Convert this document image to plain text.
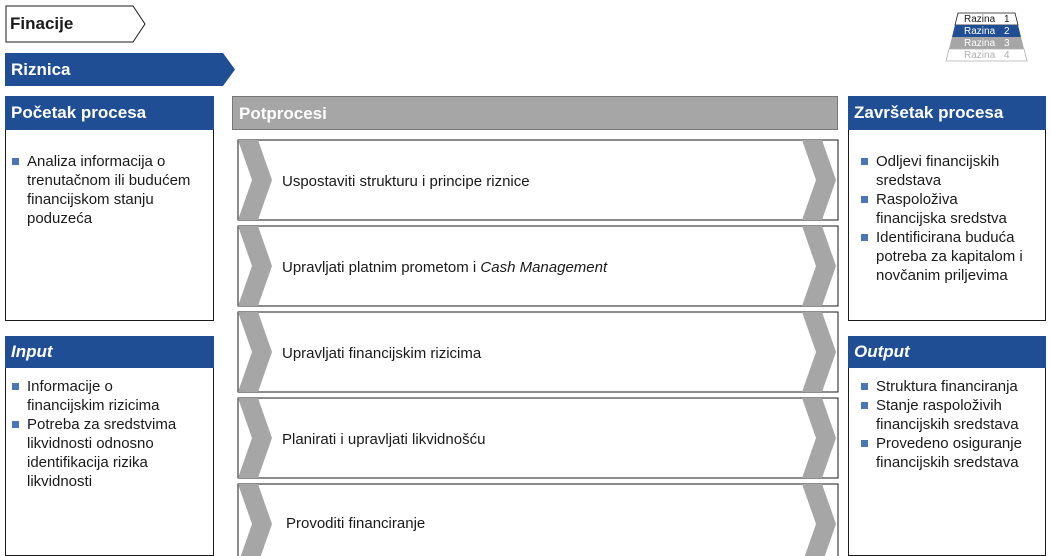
Finacije
Riznica
Razina 1
Razina 2
Razina 3
Razina 4
Početak procesa
Analiza informacija o trenutačnom ili budućem financijskom stanju poduzeća
Input
Informacije o financijskim rizicima
Potreba za sredstvima likvidnosti odnosno identifikacija rizika likvidnosti
Potprocesi
Uspostaviti strukturu i principe riznice
Upravljati platnim prometom i Cash Management
Upravljati financijskim rizicima
Planirati i upravljati likvidnošću
Provoditi financiranje
Završetak procesa
Odljevi financijskih sredstava
Raspoloživa financijska sredstva
Identificirana buduća potreba za kapitalom i novčanim priljevima
Output
Struktura financiranja
Stanje raspoloživih financijskih sredstava
Provedeno osiguranje financijskih sredstava
